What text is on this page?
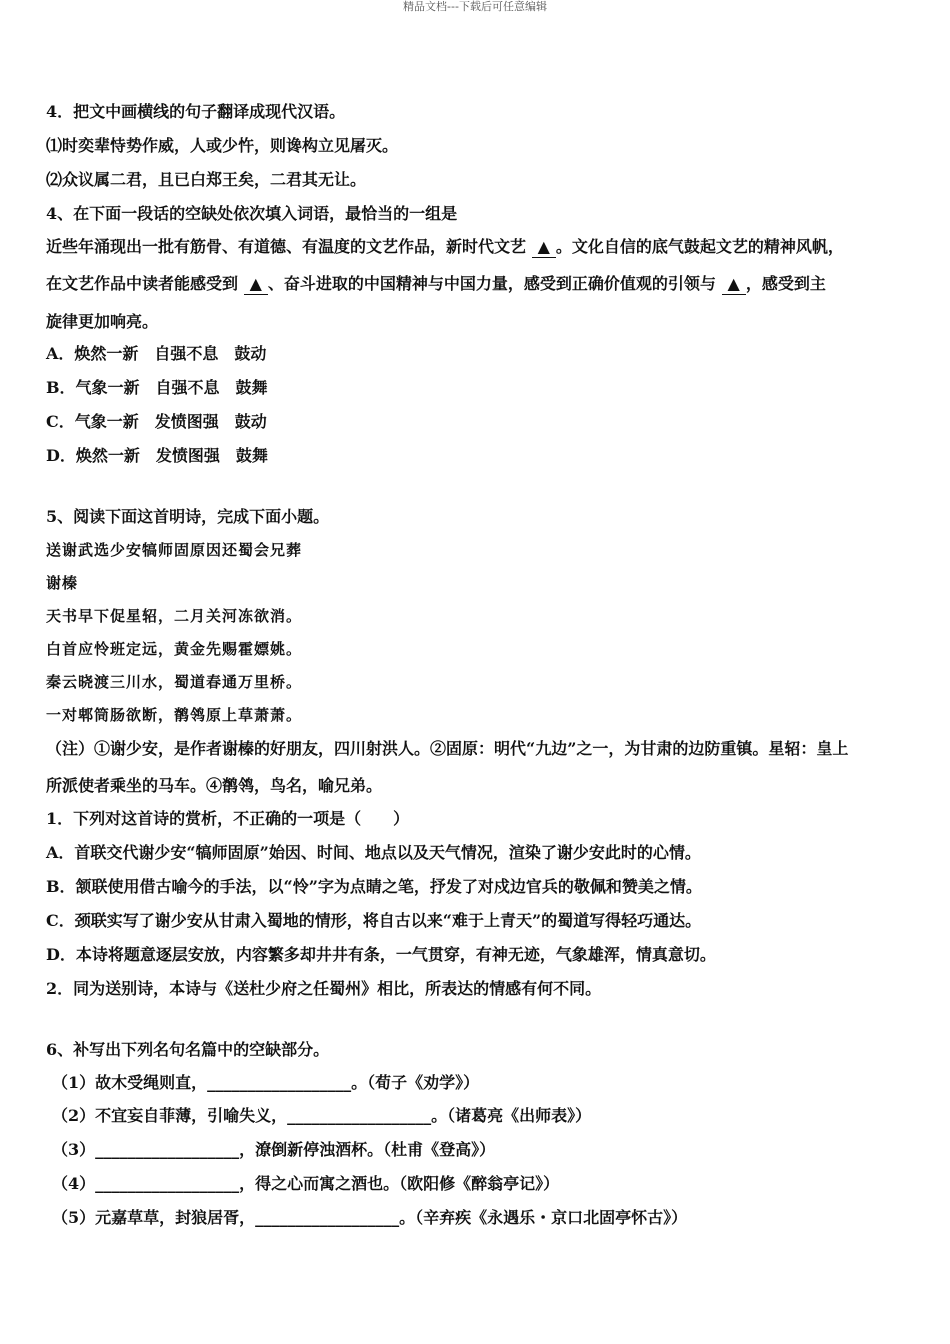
精品文档---下载后可任意编辑
4．把文中画横线的句子翻译成现代汉语。
⑴时奕辈恃势作威，人或少忤，则谗构立见屠灭。
⑵众议属二君，且已白郑王矣，二君其无让。
4、在下面一段话的空缺处依次填入词语，最恰当的一组是
近些年涌现出一批有筋骨、有道德、有温度的文艺作品，新时代文艺 ▲ 。文化自信的底气鼓起文艺的精神风帆，
在文艺作品中读者能感受到 ▲ 、奋斗进取的中国精神与中国力量，感受到正确价值观的引领与 ▲ ，感受到主
旋律更加响亮。
A．焕然一新　自强不息　鼓动
B．气象一新　自强不息　鼓舞
C．气象一新　发愤图强　鼓动
D．焕然一新　发愤图强　鼓舞
5、阅读下面这首明诗，完成下面小题。
送谢武选少安犒师固原因还蜀会兄葬
谢榛
天书早下促星轺，二月关河冻欲消。
白首应怜班定远，黄金先赐霍嫖姚。
秦云晓渡三川水，蜀道春通万里桥。
一对郫筒肠欲断，鹡鸰原上草萧萧。
（注）①谢少安，是作者谢榛的好朋友，四川射洪人。②固原：明代“九边”之一，为甘肃的边防重镇。星轺：皇上
所派使者乘坐的马车。④鹡鸰，鸟名，喻兄弟。
1．下列对这首诗的赏析，不正确的一项是（　　）
A．首联交代谢少安“犒师固原”始因、时间、地点以及天气情况，渲染了谢少安此时的心情。
B．颔联使用借古喻今的手法，以“怜”字为点睛之笔，抒发了对戍边官兵的敬佩和赞美之情。
C．颈联实写了谢少安从甘肃入蜀地的情形，将自古以来“难于上青天”的蜀道写得轻巧通达。
D．本诗将题意逐层安放，内容繁多却井井有条，一气贯穿，有神无迹，气象雄浑，情真意切。
2．同为送别诗，本诗与《送杜少府之任蜀州》相比，所表达的情感有何不同。
6、补写出下列名句名篇中的空缺部分。
（1）故木受绳则直，__________________。（荀子《劝学》）
（2）不宜妄自菲薄，引喻失义，__________________。（诸葛亮《出师表》）
（3）__________________，潦倒新停浊酒杯。（杜甫《登高》）
（4）__________________，得之心而寓之酒也。（欧阳修《醉翁亭记》）
（5）元嘉草草，封狼居胥，__________________。（辛弃疾《永遇乐・京口北固亭怀古》）
